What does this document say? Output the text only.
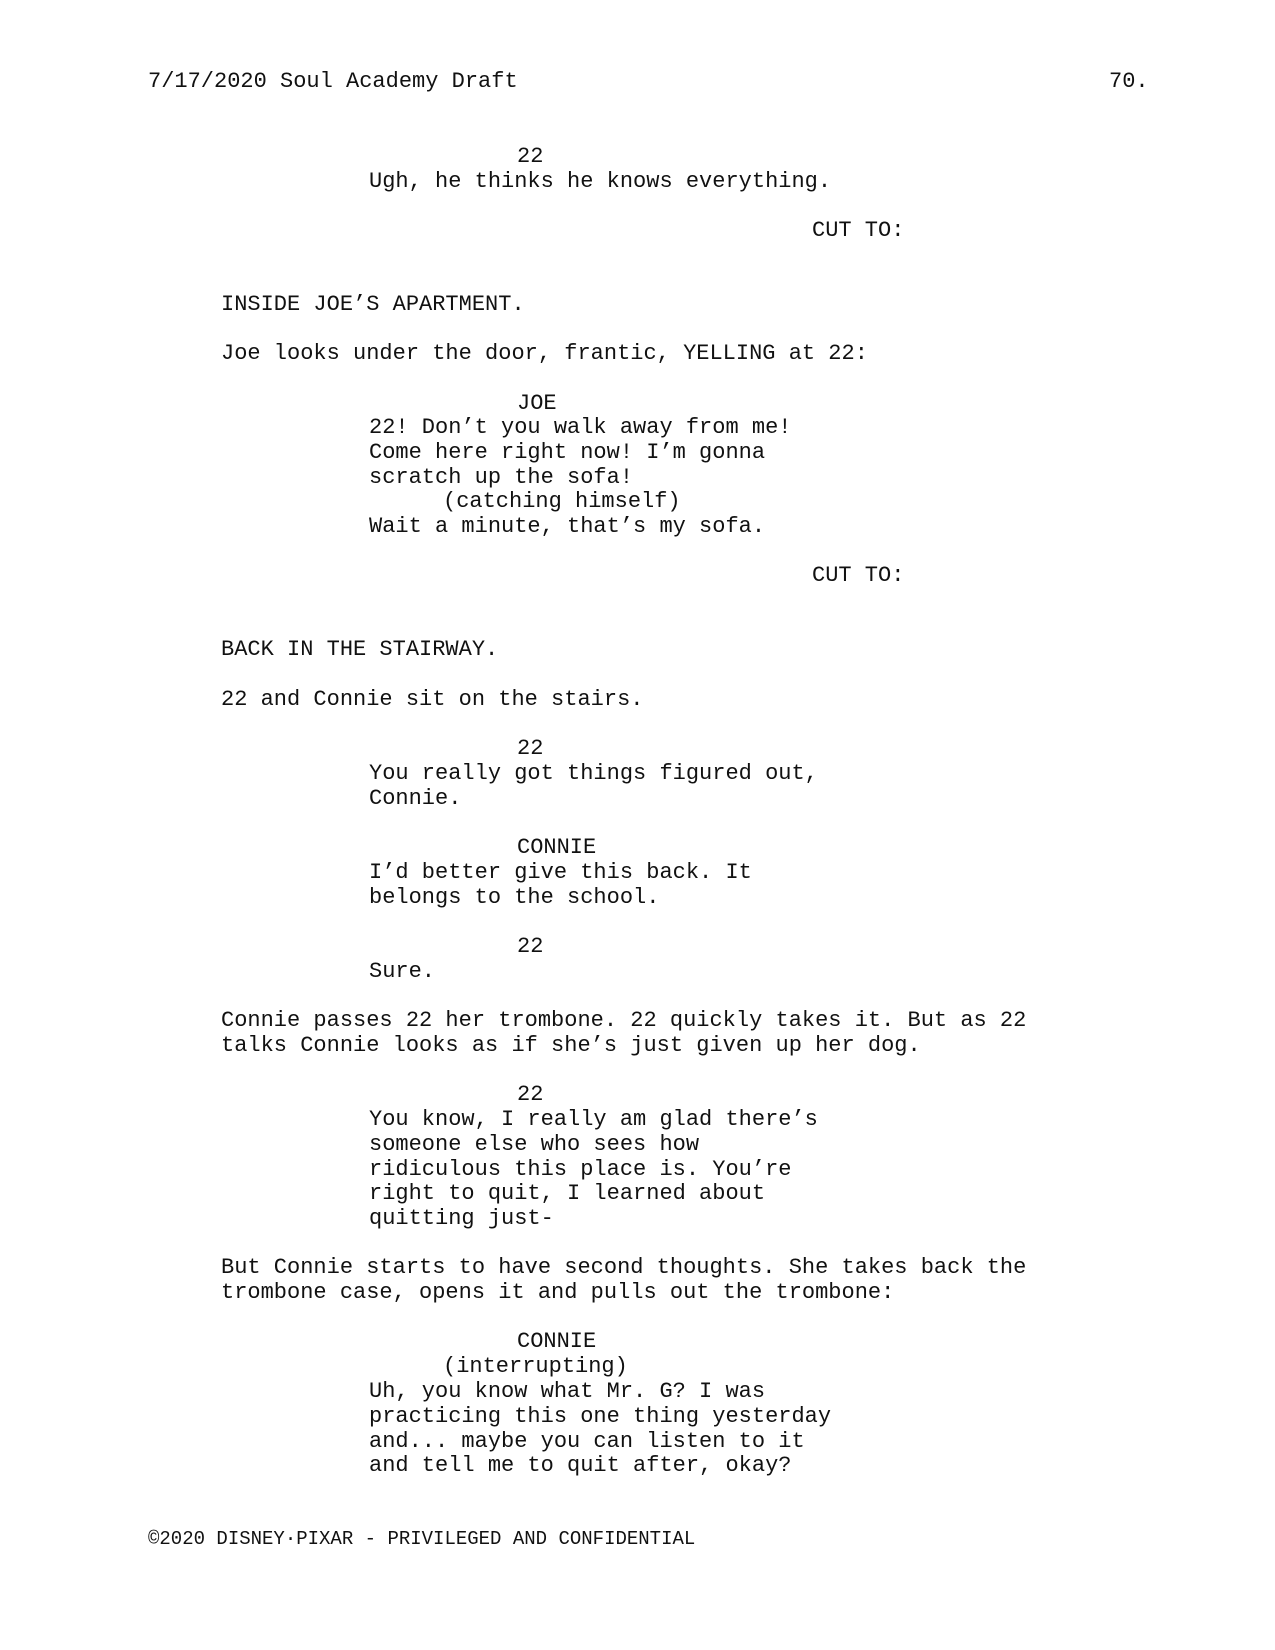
7/17/2020 Soul Academy Draft	70.
22
Ugh, he thinks he knows everything.
CUT TO:
INSIDE JOE’S APARTMENT.
Joe looks under the door, frantic, YELLING at 22:
JOE
22! Don’t you walk away from me!
Come here right now! I’m gonna
scratch up the sofa!
(catching himself)
Wait a minute, that’s my sofa.
CUT TO:
BACK IN THE STAIRWAY.
22 and Connie sit on the stairs.
22
You really got things figured out,
Connie.
CONNIE
I’d better give this back. It
belongs to the school.
22
Sure.
Connie passes 22 her trombone. 22 quickly takes it. But as 22
talks Connie looks as if she’s just given up her dog.
22
You know, I really am glad there’s
someone else who sees how
ridiculous this place is. You’re
right to quit, I learned about
quitting just-
But Connie starts to have second thoughts. She takes back the
trombone case, opens it and pulls out the trombone:
CONNIE
(interrupting)
Uh, you know what Mr. G? I was
practicing this one thing yesterday
and... maybe you can listen to it
and tell me to quit after, okay?
©2020 DISNEY·PIXAR - PRIVILEGED AND CONFIDENTIAL
